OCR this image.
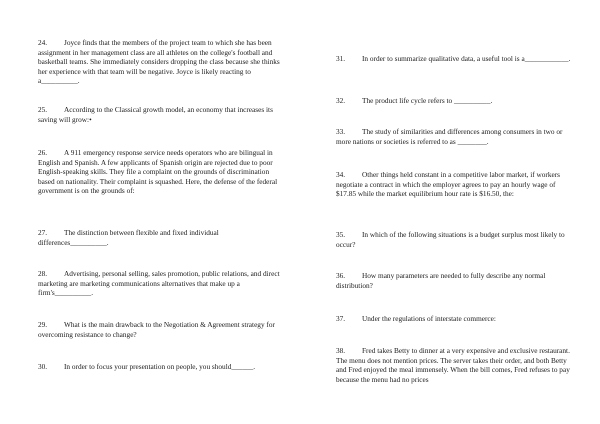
24. Joyce finds that the members of the project team to which she has been assignment in her management class are all athletes on the college's football and basketball teams. She immediately considers dropping the class because she thinks her experience with that team will be negative. Joyce is likely reacting to a__________.

25. According to the Classical growth model, an economy that increases its saving will grow:•

26. A 911 emergency response service needs operators who are bilingual in English and Spanish. A few applicants of Spanish origin are rejected due to poor English-speaking skills. They file a complaint on the grounds of discrimination based on nationality. Their complaint is squashed. Here, the defense of the federal government is on the grounds of:

27. The distinction between flexible and fixed individual differences__________.

28. Advertising, personal selling, sales promotion, public relations, and direct marketing are marketing communications alternatives that make up a firm's__________.

29. What is the main drawback to the Negotiation & Agreement strategy for overcoming resistance to change?

30. In order to focus your presentation on people, you should______.

31. In order to summarize qualitative data, a useful tool is a____________.

32. The product life cycle refers to __________.

33. The study of similarities and differences among consumers in two or more nations or societies is referred to as ________.

34. Other things held constant in a competitive labor market, if workers negotiate a contract in which the employer agrees to pay an hourly wage of $17.85 while the market equilibrium hour rate is $16.50, the:

35. In which of the following situations is a budget surplus most likely to occur?

36. How many parameters are needed to fully describe any normal distribution?

37. Under the regulations of interstate commerce:

38. Fred takes Betty to dinner at a very expensive and exclusive restaurant. The menu does not mention prices. The server takes their order, and both Betty and Fred enjoyed the meal immensely. When the bill comes, Fred refuses to pay because the menu had no prices
